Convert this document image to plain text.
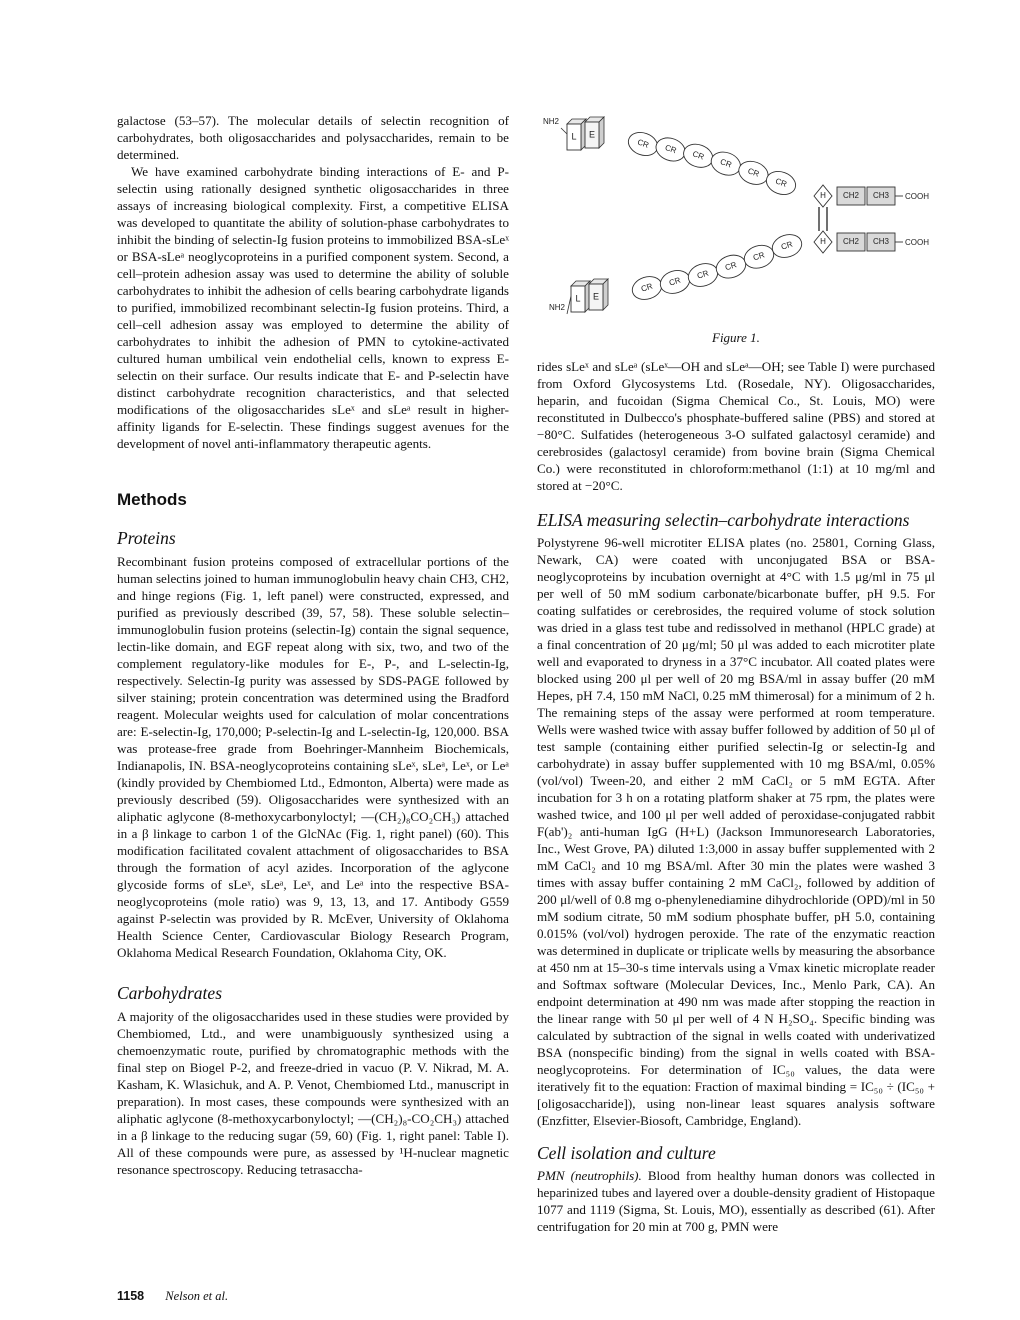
galactose (53–57). The molecular details of selectin recognition of carbohydrates, both oligosaccharides and polysaccharides, remain to be determined.

We have examined carbohydrate binding interactions of E- and P-selectin using rationally designed synthetic oligosaccharides in three assays of increasing biological complexity. First, a competitive ELISA was developed to quantitate the ability of solution-phase carbohydrates to inhibit the binding of selectin-Ig fusion proteins to immobilized BSA-sLeˣ or BSA-sLeᵃ neoglycoproteins in a purified component system. Second, a cell–protein adhesion assay was used to determine the ability of soluble carbohydrates to inhibit the adhesion of cells bearing carbohydrate ligands to purified, immobilized recombinant selectin-Ig fusion proteins. Third, a cell–cell adhesion assay was employed to determine the ability of carbohydrates to inhibit the adhesion of PMN to cytokine-activated cultured human umbilical vein endothelial cells, known to express E-selectin on their surface. Our results indicate that E- and P-selectin have distinct carbohydrate recognition characteristics, and that selected modifications of the oligosaccharides sLeˣ and sLeᵃ result in higher-affinity ligands for E-selectin. These findings suggest avenues for the development of novel anti-inflammatory therapeutic agents.

Methods
Proteins

Recombinant fusion proteins composed of extracellular portions of the human selectins joined to human immunoglobulin heavy chain CH3, CH2, and hinge regions (Fig. 1, left panel) were constructed, expressed, and purified as previously described (39, 57, 58). These soluble selectin–immunoglobulin fusion proteins (selectin-Ig) contain the signal sequence, lectin-like domain, and EGF repeat along with six, two, and two of the complement regulatory-like modules for E-, P-, and L-selectin-Ig, respectively. Selectin-Ig purity was assessed by SDS-PAGE followed by silver staining; protein concentration was determined using the Bradford reagent. Molecular weights used for calculation of molar concentrations are: E-selectin-Ig, 170,000; P-selectin-Ig and L-selectin-Ig, 120,000. BSA was protease-free grade from Boehringer-Mannheim Biochemicals, Indianapolis, IN. BSA-neoglycoproteins containing sLeˣ, sLeᵃ, Leˣ, or Leᵃ (kindly provided by Chembiomed Ltd., Edmonton, Alberta) were made as previously described (59). Oligosaccharides were synthesized with an aliphatic aglycone (8-methoxycarbonyloctyl; —(CH₂)₈CO₂CH₃) attached in a β linkage to carbon 1 of the GlcNAc (Fig. 1, right panel) (60). This modification facilitated covalent attachment of oligosaccharides to BSA through the formation of acyl azides. Incorporation of the aglycone glycoside forms of sLeˣ, sLeᵃ, Leˣ, and Leᵃ into the respective BSA-neoglycoproteins (mole ratio) was 9, 13, 13, and 17. Antibody G559 against P-selectin was provided by R. McEver, University of Oklahoma Health Science Center, Cardiovascular Biology Research Program, Oklahoma Medical Research Foundation, Oklahoma City, OK.

Carbohydrates

A majority of the oligosaccharides used in these studies were provided by Chembiomed, Ltd., and were unambiguously synthesized using a chemoenzymatic route, purified by chromatographic methods with the final step on Biogel P-2, and freeze-dried in vacuo (P. V. Nikrad, M. A. Kasham, K. Wlasichuk, and A. P. Venot, Chembiomed Ltd., manuscript in preparation). In most cases, these compounds were synthesized with an aliphatic aglycone (8-methoxycarbonyloctyl; —(CH₂)₈-CO₂CH₃) attached in a β linkage to the reducing sugar (59, 60) (Fig. 1, right panel: Table I). All of these compounds were pure, as assessed by ¹H-nuclear magnetic resonance spectroscopy. Reducing tetrasaccha-

NH2
L E
CR CR
CR
CR
CR
CR
H CH2 CH3 COOH
NH2
L E
CR CR
CR
CR
CR
CR	H CH2 CH3 COOH
Figure 1.

rides sLeˣ and sLeᵃ (sLeˣ—OH and sLeᵃ—OH; see Table I) were purchased from Oxford Glycosystems Ltd. (Rosedale, NY). Oligosaccharides, heparin, and fucoidan (Sigma Chemical Co., St. Louis, MO) were reconstituted in Dulbecco's phosphate-buffered saline (PBS) and stored at −80°C. Sulfatides (heterogeneous 3-O sulfated galactosyl ceramide) and cerebrosides (galactosyl ceramide) from bovine brain (Sigma Chemical Co.) were reconstituted in chloroform:methanol (1:1) at 10 mg/ml and stored at −20°C.

ELISA measuring selectin–carbohydrate interactions

Polystyrene 96-well microtiter ELISA plates (no. 25801, Corning Glass, Newark, CA) were coated with unconjugated BSA or BSA-neoglycoproteins by incubation overnight at 4°C with 1.5 μg/ml in 75 μl per well of 50 mM sodium carbonate/bicarbonate buffer, pH 9.5. For coating sulfatides or cerebrosides, the required volume of stock solution was dried in a glass test tube and redissolved in methanol (HPLC grade) at a final concentration of 20 μg/ml; 50 μl was added to each microtiter plate well and evaporated to dryness in a 37°C incubator. All coated plates were blocked using 200 μl per well of 20 mg BSA/ml in assay buffer (20 mM Hepes, pH 7.4, 150 mM NaCl, 0.25 mM thimerosal) for a minimum of 2 h. The remaining steps of the assay were performed at room temperature. Wells were washed twice with assay buffer followed by addition of 50 μl of test sample (containing either purified selectin-Ig or selectin-Ig and carbohydrate) in assay buffer supplemented with 10 mg BSA/ml, 0.05% (vol/vol) Tween-20, and either 2 mM CaCl₂ or 5 mM EGTA. After incubation for 3 h on a rotating platform shaker at 75 rpm, the plates were washed twice, and 100 μl per well added of peroxidase-conjugated rabbit F(ab')₂ anti-human IgG (H+L) (Jackson Immunoresearch Laboratories, Inc., West Grove, PA) diluted 1:3,000 in assay buffer supplemented with 2 mM CaCl₂ and 10 mg BSA/ml. After 30 min the plates were washed 3 times with assay buffer containing 2 mM CaCl₂, followed by addition of 200 μl/well of 0.8 mg o-phenylenediamine dihydrochloride (OPD)/ml in 50 mM sodium citrate, 50 mM sodium phosphate buffer, pH 5.0, containing 0.015% (vol/vol) hydrogen peroxide. The rate of the enzymatic reaction was determined in duplicate or triplicate wells by measuring the absorbance at 450 nm at 15–30-s time intervals using a Vmax kinetic microplate reader and Softmax software (Molecular Devices, Inc., Menlo Park, CA). An endpoint determination at 490 nm was made after stopping the reaction in the linear range with 50 μl per well of 4 N H₂SO₄. Specific binding was calculated by subtraction of the signal in wells coated with underivatized BSA (nonspecific binding) from the signal in wells coated with BSA-neoglycoproteins. For determination of IC₅₀ values, the data were iteratively fit to the equation: Fraction of maximal binding = IC₅₀ ÷ (IC₅₀ + [oligosaccharide]), using non-linear least squares analysis software (Enzfitter, Elsevier-Biosoft, Cambridge, England).

Cell isolation and culture

PMN (neutrophils). Blood from healthy human donors was collected in heparinized tubes and layered over a double-density gradient of Histopaque 1077 and 1119 (Sigma, St. Louis, MO), essentially as described (61). After centrifugation for 20 min at 700 g, PMN were

1158 Nelson et al.
